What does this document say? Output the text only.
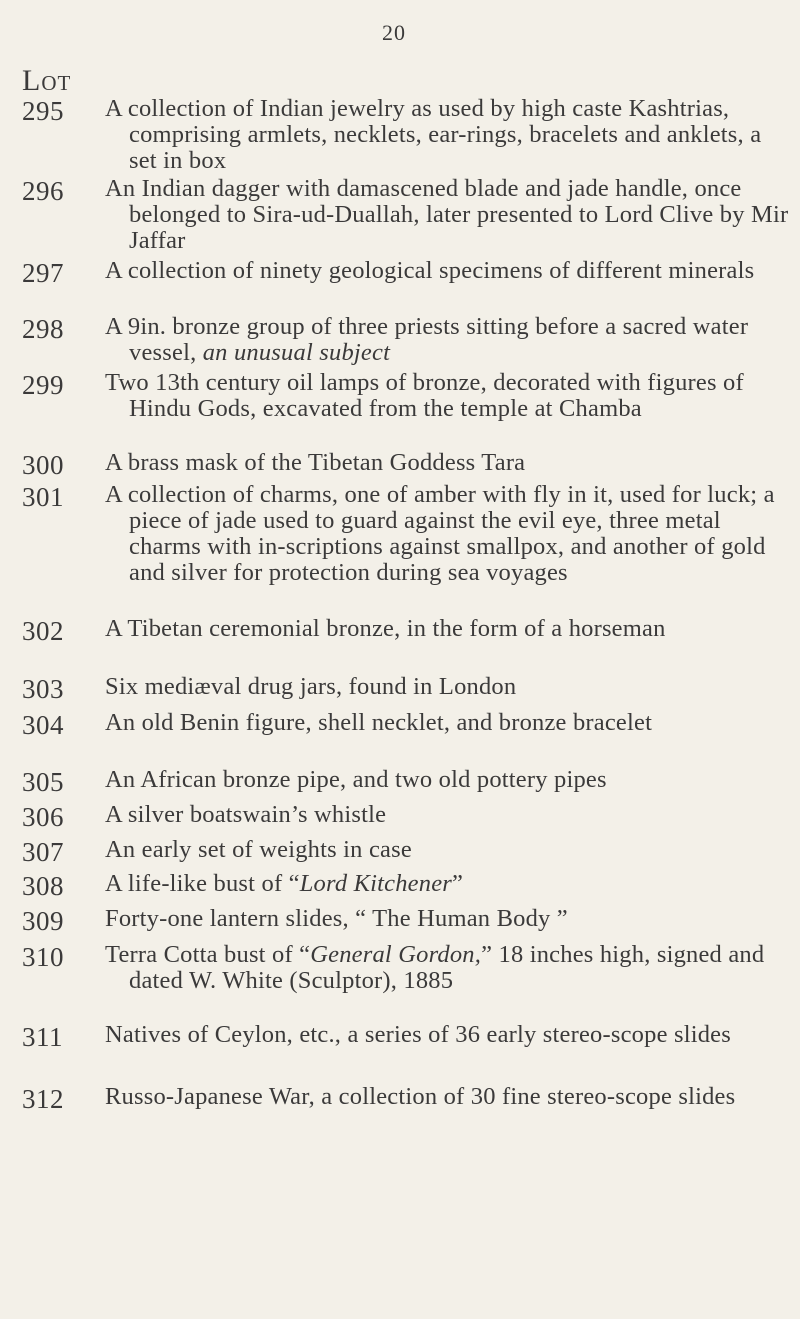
20
Lot
295 A collection of Indian jewelry as used by high caste Kashtrias, comprising armlets, necklets, ear-rings, bracelets and anklets, a set in box
296 An Indian dagger with damascened blade and jade handle, once belonged to Sira-ud-Duallah, later presented to Lord Clive by Mir Jaffar
297 A collection of ninety geological specimens of different minerals
298 A 9in. bronze group of three priests sitting before a sacred water vessel, an unusual subject
299 Two 13th century oil lamps of bronze, decorated with figures of Hindu Gods, excavated from the temple at Chamba
300 A brass mask of the Tibetan Goddess Tara
301 A collection of charms, one of amber with fly in it, used for luck; a piece of jade used to guard against the evil eye, three metal charms with in-scriptions against smallpox, and another of gold and silver for protection during sea voyages
302 A Tibetan ceremonial bronze, in the form of a horseman
303 Six mediæval drug jars, found in London
304 An old Benin figure, shell necklet, and bronze bracelet
305 An African bronze pipe, and two old pottery pipes
306 A silver boatswain’s whistle
307 An early set of weights in case
308 A life-like bust of “Lord Kitchener”
309 Forty-one lantern slides, “ The Human Body ”
310 Terra Cotta bust of “General Gordon,” 18 inches high, signed and dated W. White (Sculptor), 1885
311 Natives of Ceylon, etc., a series of 36 early stereo-scope slides
312 Russo-Japanese War, a collection of 30 fine stereo-scope slides
